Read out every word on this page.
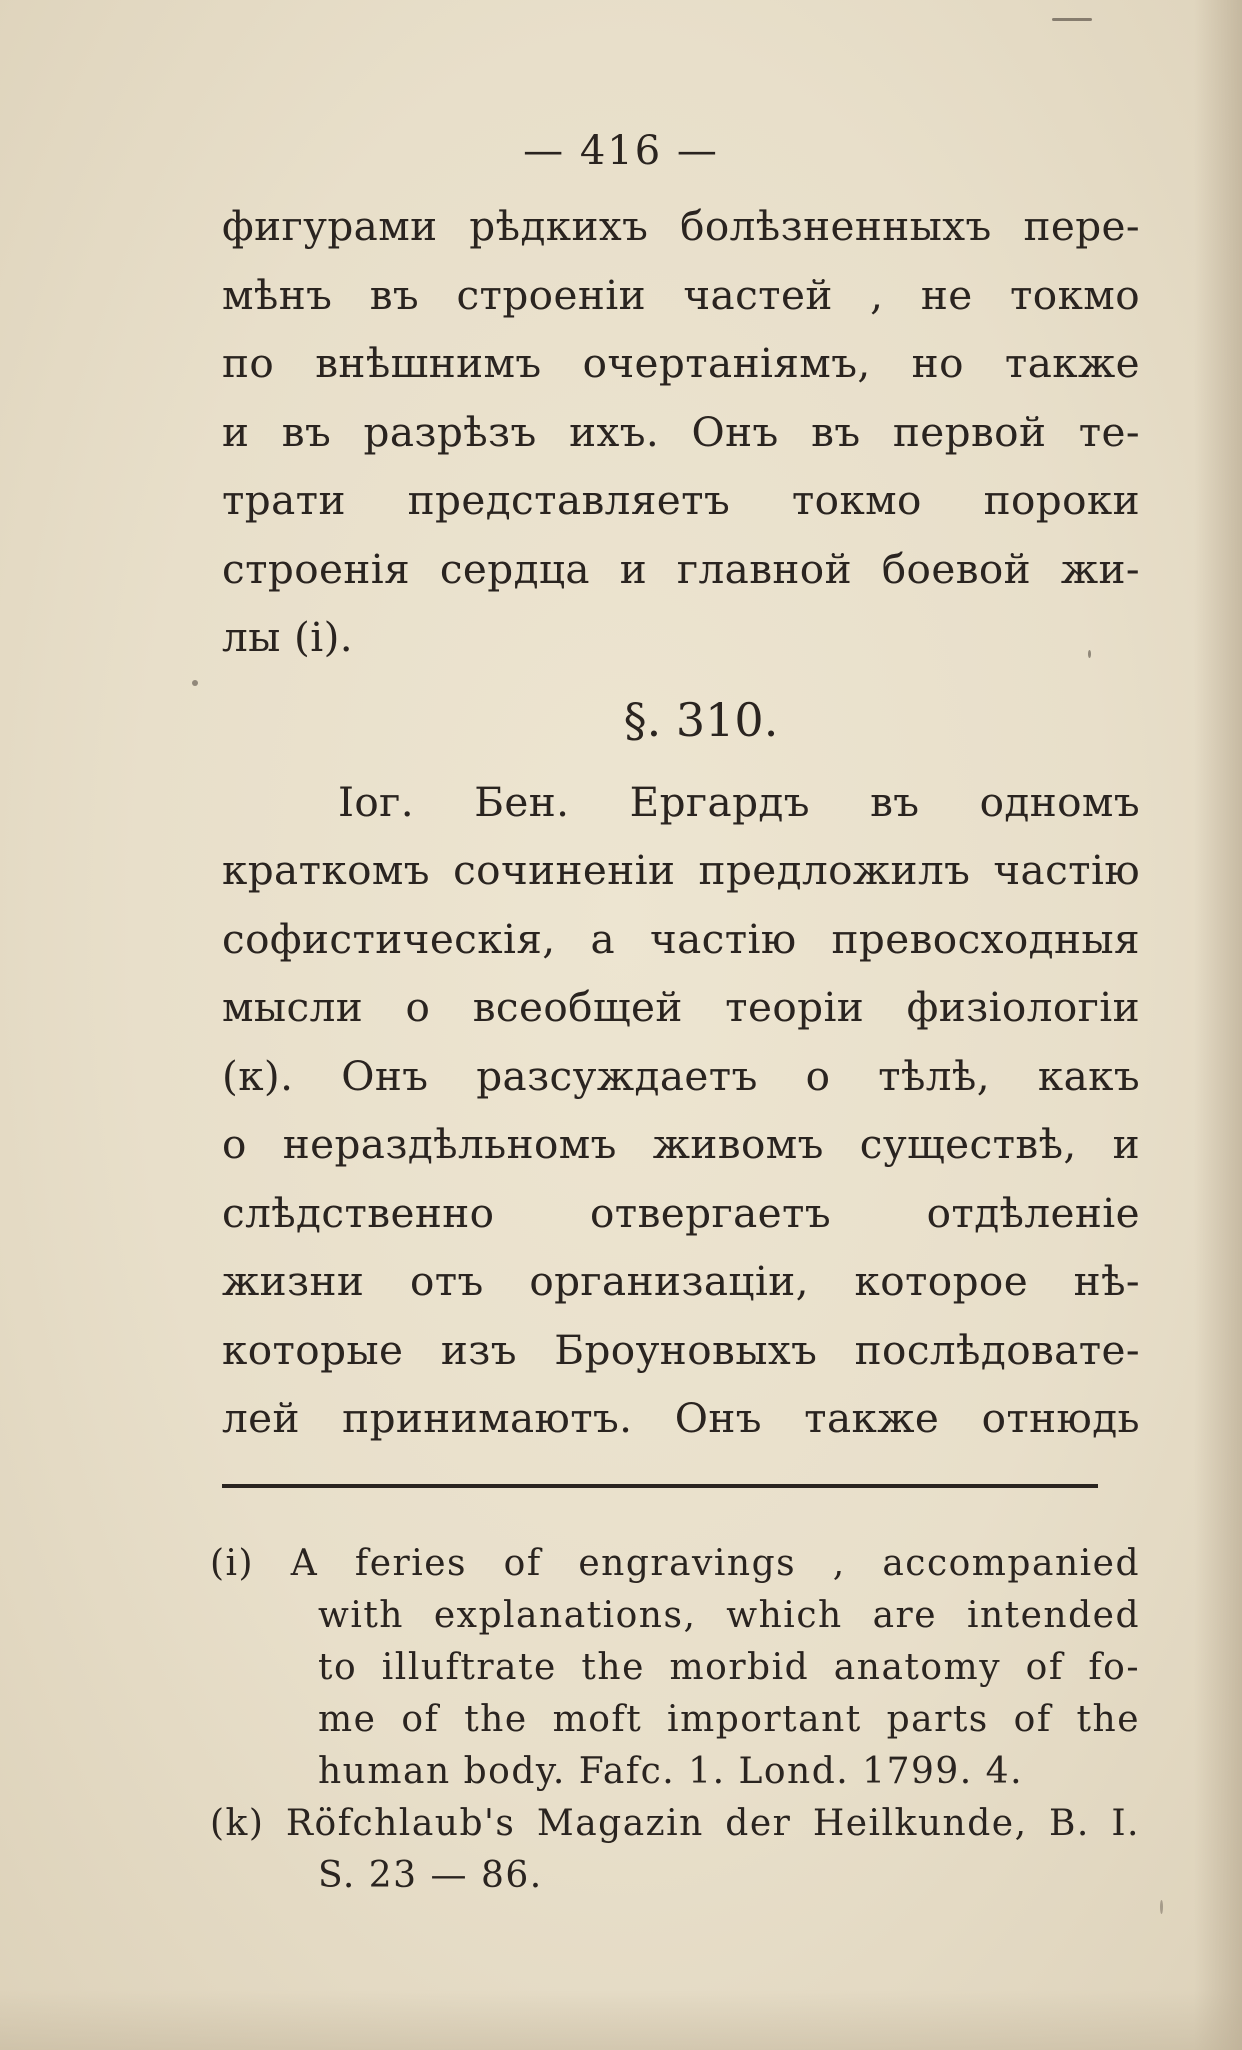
— 416 —
фигурами рѣдкихъ болѣзненныхъ пере-
мѣнъ въ строеніи частей , не токмо
по внѣшнимъ очертаніямъ, но также
и въ разрѣзъ ихъ. Онъ въ первой те-
трати представляетъ токмо пороки
строенія сердца и главной боевой жи-
лы (i).
§. 310.
Іог. Бен. Ергардъ въ одномъ
краткомъ сочиненіи предложилъ частію
софистическія, а частію превосходныя
мысли о всеобщей теоріи физіологіи
(к). Онъ разсуждаетъ о тѣлѣ, какъ
о нераздѣльномъ живомъ существѣ, и
слѣдственно отвергаетъ отдѣленіе
жизни отъ организаціи, которое нѣ-
которые изъ Броуновыхъ послѣдовате-
лей принимаютъ. Онъ также отнюдь
(i) A feries of engravings , accompanied
with explanations, which are intended
to illuftrate the morbid anatomy of fo-
me of the moft important parts of the
human body. Fafc. 1. Lond. 1799. 4.
(k) Röfchlaub's Magazin der Heilkunde, B. I.
S. 23 — 86.
